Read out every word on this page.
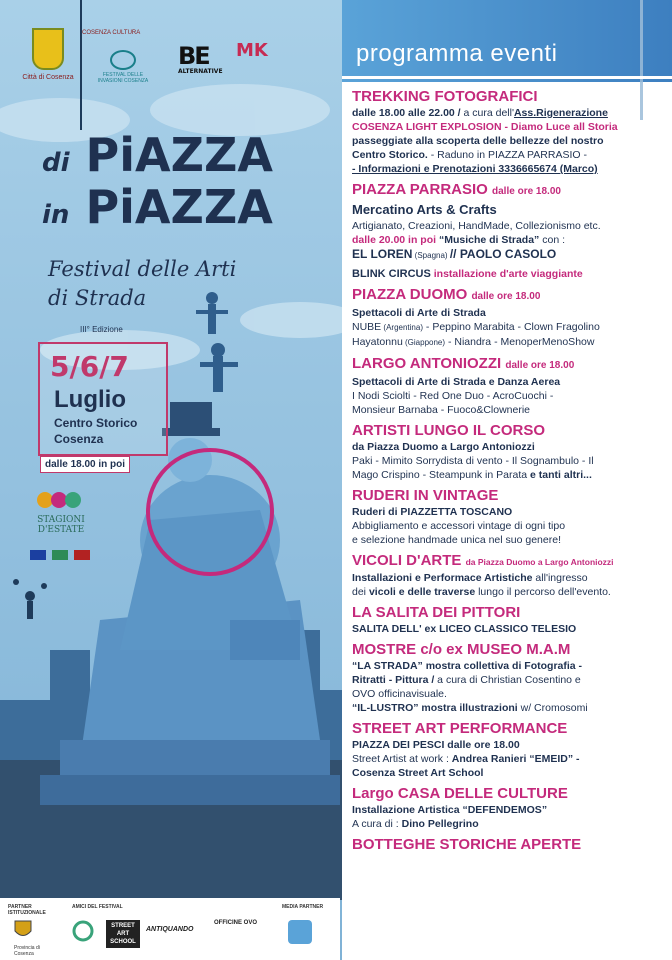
Città di Cosenza
COSENZA CULTURA
FESTIVAL DELLE INVASIONI COSENZA
BE
ALTERNATIVE
MK
di PiAZZA
in PiAZZA
Festival delle Arti
di Strada
III° Edizione
5/6/7
Luglio
Centro Storico
Cosenza
dalle 18.00 in poi
STAGIONI D'ESTATE
PARTNER ISTITUZIONALE
Provincia di Cosenza
AMICI DEL FESTIVAL
STREET ART SCHOOL
ANTIQUANDO
OFFICINE OVO
MEDIA PARTNER
programma eventi

TREKKING FOTOGRAFICI

dalle 18.00 alle 22.00 / a cura dell'Ass.Rigenerazione

COSENZA LIGHT EXPLOSION - Diamo Luce all Storia

passeggiate alla scoperta delle bellezze del nostro

Centro Storico. - Raduno in PIAZZA PARRASIO -

- Informazioni e Prenotazioni 3336665674 (Marco)

PIAZZA PARRASIO dalle ore 18.00

Mercatino Arts & Crafts

Artigianato, Creazioni, HandMade, Collezionismo etc.

dalle 20.00 in poi “Musiche di Strada” con :

EL LOREN (Spagna) // PAOLO CASOLO

BLINK CIRCUS installazione d'arte viaggiante

PIAZZA DUOMO dalle ore 18.00

Spettacoli di Arte di Strada

NUBE (Argentina) - Peppino Marabita - Clown Fragolino

Hayatonnu (Giappone) - Niandra - MenoperMenoShow

LARGO ANTONIOZZI dalle ore 18.00

Spettacoli di Arte di Strada e Danza Aerea

I Nodi Sciolti - Red One Duo - AcroCuochi -

Monsieur Barnaba - Fuoco&Clownerie

ARTISTI LUNGO IL CORSO

da Piazza Duomo a Largo Antoniozzi

Paki - Mimito Sorrydista di vento - Il Sognambulo - Il

Mago Crispino - Steampunk in Parata e tanti altri...

RUDERI IN VINTAGE

Ruderi di PIAZZETTA TOSCANO

Abbigliamento e accessori vintage di ogni tipo

e selezione handmade unica nel suo genere!

VICOLI D'ARTE da Piazza Duomo a Largo Antoniozzi

Installazioni e Performace Artistiche all'ingresso

dei vicoli e delle traverse lungo il percorso dell'evento.

LA SALITA DEI PITTORI

SALITA DELL' ex LICEO CLASSICO TELESIO

MOSTRE c/o ex MUSEO M.A.M

“LA STRADA” mostra collettiva di Fotografia -

Ritratti - Pittura / a cura di Christian Cosentino e

OVO officinavisuale.

“IL-LUSTRO” mostra illustrazioni w/ Cromosomi

STREET ART PERFORMANCE

PIAZZA DEI PESCI dalle ore 18.00

Street Artist at work : Andrea Ranieri “EMEID” -

Cosenza Street Art School

Largo CASA DELLE CULTURE

Installazione Artistica “DEFENDEMOS”

A cura di : Dino Pellegrino

BOTTEGHE STORICHE APERTE
